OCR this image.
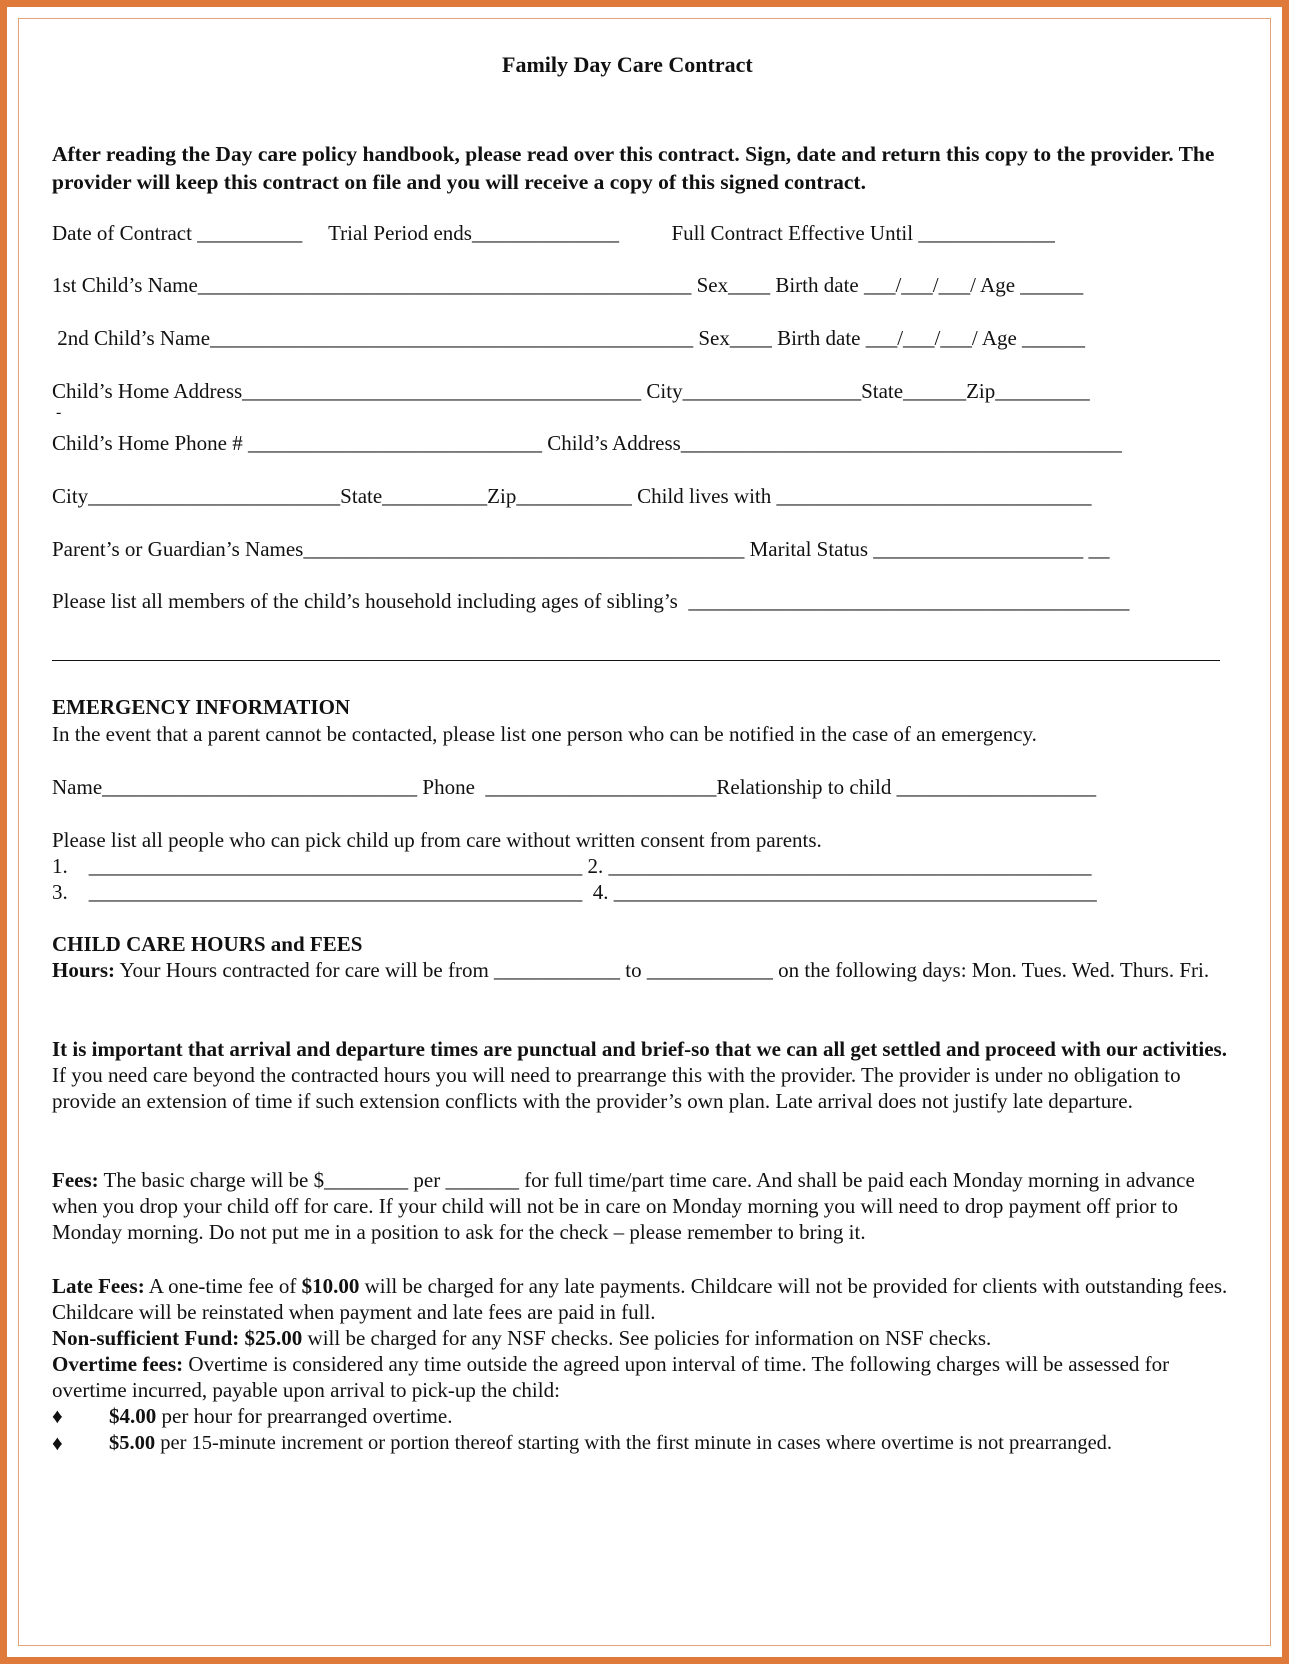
Family Day Care Contract
After reading the Day care policy handbook, please read over this contract. Sign, date and return this copy to the provider. The provider will keep this contract on file and you will receive a copy of this signed contract.
Date of Contract __________     Trial Period ends______________          Full Contract Effective Until _____________
1st Child’s Name_______________________________________________ Sex____ Birth date ___/___/___/ Age ______
2nd Child’s Name______________________________________________ Sex____ Birth date ___/___/___/ Age ______
Child’s Home Address______________________________________ City_________________State______Zip_________
-
Child’s Home Phone # ____________________________ Child’s Address__________________________________________
City________________________State__________Zip___________ Child lives with ______________________________
Parent’s or Guardian’s Names__________________________________________ Marital Status ____________________ __
Please list all members of the child’s household including ages of sibling’s  __________________________________________
EMERGENCY INFORMATION
In the event that a parent cannot be contacted, please list one person who can be notified in the case of an emergency.
Name______________________________ Phone  ______________________Relationship to child ___________________
Please list all people who can pick child up from care without written consent from parents.
1.    _______________________________________________ 2. ______________________________________________
3.    _______________________________________________  4. ______________________________________________
CHILD CARE HOURS and FEES
Hours: Your Hours contracted for care will be from ____________ to ____________ on the following days: Mon. Tues. Wed. Thurs. Fri.
It is important that arrival and departure times are punctual and brief-so that we can all get settled and proceed with our activities. If you need care beyond the contracted hours you will need to prearrange this with the provider. The provider is under no obligation to provide an extension of time if such extension conflicts with the provider’s own plan. Late arrival does not justify late departure.
Fees: The basic charge will be $________ per _______ for full time/part time care. And shall be paid each Monday morning in advance when you drop your child off for care. If your child will not be in care on Monday morning you will need to drop payment off prior to Monday morning. Do not put me in a position to ask for the check – please remember to bring it.
Late Fees: A one-time fee of $10.00 will be charged for any late payments. Childcare will not be provided for clients with outstanding fees. Childcare will be reinstated when payment and late fees are paid in full.
Non-sufficient Fund: $25.00 will be charged for any NSF checks. See policies for information on NSF checks.
Overtime fees: Overtime is considered any time outside the agreed upon interval of time. The following charges will be assessed for overtime incurred, payable upon arrival to pick-up the child:
♦ $4.00 per hour for prearranged overtime.
♦ $5.00 per 15-minute increment or portion thereof starting with the first minute in cases where overtime is not prearranged.
